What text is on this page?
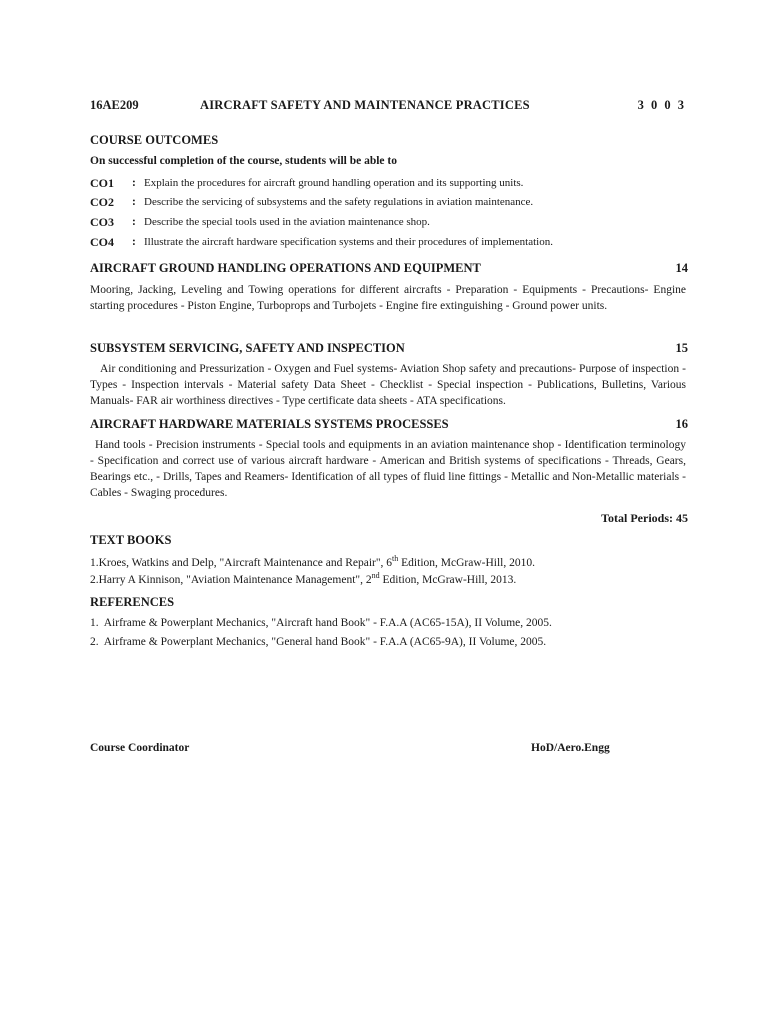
16AE209	AIRCRAFT SAFETY AND MAINTENANCE PRACTICES	3 0 0 3
COURSE OUTCOMES
On successful completion of the course, students will be able to
CO1 : Explain the procedures for aircraft ground handling operation and its supporting units.
CO2 : Describe the servicing of subsystems and the safety regulations in aviation maintenance.
CO3 : Describe the special tools used in the aviation maintenance shop.
CO4 : Illustrate the aircraft hardware specification systems and their procedures of implementation.
AIRCRAFT GROUND HANDLING OPERATIONS AND EQUIPMENT	14
Mooring, Jacking, Leveling and Towing operations for different aircrafts - Preparation - Equipments - Precautions- Engine starting procedures - Piston Engine, Turboprops and Turbojets - Engine fire extinguishing - Ground power units.
SUBSYSTEM SERVICING, SAFETY AND INSPECTION	15
Air conditioning and Pressurization - Oxygen and Fuel systems- Aviation Shop safety and precautions- Purpose of inspection - Types - Inspection intervals - Material safety Data Sheet - Checklist - Special inspection - Publications, Bulletins, Various Manuals- FAR air worthiness directives - Type certificate data sheets - ATA specifications.
AIRCRAFT HARDWARE MATERIALS SYSTEMS PROCESSES	16
Hand tools - Precision instruments - Special tools and equipments in an aviation maintenance shop - Identification terminology - Specification and correct use of various aircraft hardware - American and British systems of specifications - Threads, Gears, Bearings etc., - Drills, Tapes and Reamers- Identification of all types of fluid line fittings - Metallic and Non-Metallic materials - Cables - Swaging procedures.
Total Periods: 45
TEXT BOOKS
1.Kroes, Watkins and Delp, "Aircraft Maintenance and Repair", 6th Edition, McGraw-Hill, 2010.
2.Harry A Kinnison, "Aviation Maintenance Management", 2nd Edition, McGraw-Hill, 2013.
REFERENCES
1.  Airframe & Powerplant Mechanics, "Aircraft hand Book" - F.A.A (AC65-15A), II Volume, 2005.
2.  Airframe & Powerplant Mechanics, "General hand Book" - F.A.A (AC65-9A), II Volume, 2005.
Course Coordinator	HoD/Aero.Engg
